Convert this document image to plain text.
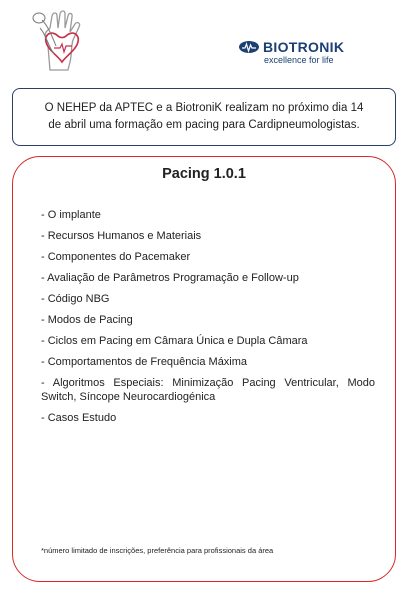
BIOTRONIK
excellence for life

O NEHEP da APTEC e a BiotroniK realizam no próximo dia 14 de abril uma formação em pacing para Cardipneumologistas.

Pacing 1.0.1
- O implante
- Recursos Humanos e Materiais
- Componentes do Pacemaker
- Avaliação de Parâmetros Programação e Follow-up
- Código NBG
- Modos de Pacing
- Ciclos em Pacing em Câmara Única e Dupla Câmara
- Comportamentos de Frequência Máxima
- Algoritmos Especiais: Minimização Pacing Ventricular, Modo Switch, Síncope Neurocardiogénica
- Casos Estudo

*número limitado de inscrições, preferência para profissionais da área
